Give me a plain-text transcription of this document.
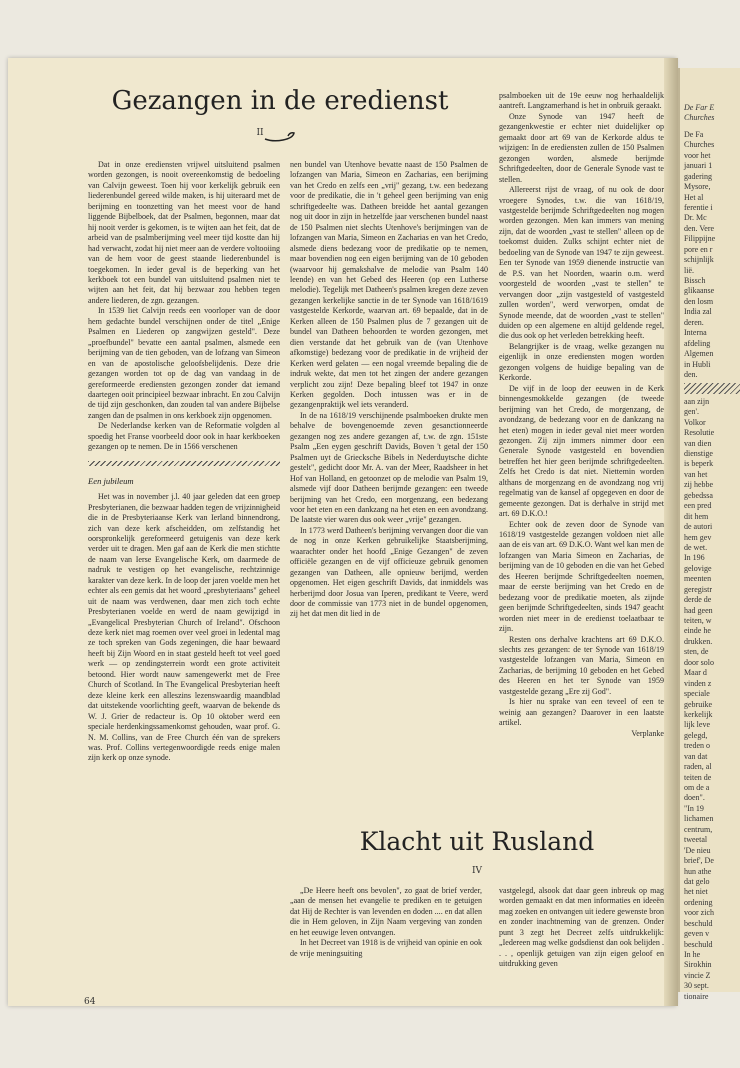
Gezangen in de eredienst
II

Dat in onze erediensten vrijwel uitsluitend psalmen worden gezongen, is nooit overeenkomstig de bedoeling van Calvijn geweest. Toen hij voor kerkelijk gebruik een liederenbundel gereed wilde maken, is hij uiteraard met de berijming en toonzetting van het meest voor de hand liggende Bijbelboek, dat der Psalmen, begonnen, maar dat hij nooit verder is gekomen, is te wijten aan het feit, dat de arbeid van de psalmberijming veel meer tijd kostte dan hij had verwacht, zodat hij niet meer aan de verdere voltooiing van de hem voor de geest staande liederenbundel is toegekomen. In ieder geval is de beperking van het kerkboek tot een bundel van uitsluitend psalmen niet te wijten aan het feit, dat hij bezwaar zou hebben tegen andere liederen, de zgn. gezangen.

In 1539 liet Calvijn reeds een voorloper van de door hem gedachte bundel verschijnen onder de titel „Enige Psalmen en Liederen op zangwijzen gesteld". Deze „proefbundel" bevatte een aantal psalmen, alsmede een berijming van de tien geboden, van de lofzang van Simeon en van de apostolische geloofsbelijdenis. Deze drie gezangen worden tot op de dag van vandaag in de gereformeerde erediensten gezongen zonder dat iemand daartegen ooit principieel bezwaar inbracht. En zou Calvijn de tijd zijn geschonken, dan zouden tal van andere Bijbelse zangen dan de psalmen in ons kerkboek zijn opgenomen.

De Nederlandse kerken van de Reformatie volgden al spoedig het Franse voorbeeld door ook in haar kerkboeken gezangen op te nemen. De in 1566 verschenen

Een jubileum

Het was in november j.l. 40 jaar geleden dat een groep Presbyterianen, die bezwaar hadden tegen de vrijzinnigheid die in de Presbyteriaanse Kerk van Ierland binnendrong, zich van deze kerk afscheidden, om zelfstandig het oorspronkelijk gereformeerd getuigenis van deze kerk verder uit te dragen. Men gaf aan de Kerk die men stichtte de naam van Ierse Evangelische Kerk, om daarmede de nadruk te vestigen op het evangelische, rechtzinnige karakter van deze kerk. In de loop der jaren voelde men het echter als een gemis dat het woord „presbyteriaans" geheel uit de naam was verdwenen, daar men zich toch echte Presbyterianen voelde en werd de naam gewijzigd in „Evangelical Presbyterian Church of Ireland". Ofschoon deze kerk niet mag roemen over veel groei in ledental mag ze toch spreken van Gods zegeningen, die haar bewaard heeft bij Zijn Woord en in staat gesteld heeft tot veel goed werk — op zendingsterrein wordt een grote activiteit betoond. Hier wordt nauw samengewerkt met de Free Church of Scotland. In The Evangelical Presbyterian heeft deze kleine kerk een alleszins lezenswaardig maandblad dat uitstekende voorlichting geeft, waarvan de bekende ds W. J. Grier de redacteur is. Op 10 oktober werd een speciale herdenkingssamenkomst gehouden, waar prof. G. N. M. Collins, van de Free Church één van de sprekers was. Prof. Collins vertegenwoordigde reeds enige malen zijn kerk op onze synode.

nen bundel van Utenhove bevatte naast de 150 Psalmen de lofzangen van Maria, Simeon en Zacharias, een berijming van het Credo en zelfs een „vrij" gezang, t.w. een bedezang voor de predikatie, die in 't geheel geen berijming van enig schriftgedeelte was. Datheen breidde het aantal gezangen nog uit door in zijn in hetzelfde jaar verschenen bundel naast de 150 Psalmen niet slechts Utenhove's berijmingen van de lofzangen van Maria, Simeon en Zacharias en van het Credo, alsmede diens bedezang voor de predikatie op te nemen, maar bovendien nog een eigen berijming van de 10 geboden (waarvoor hij gemakshalve de melodie van Psalm 140 leende) en van het Gebed des Heeren (op een Lutherse melodie). Tegelijk met Datheen's psalmen kregen deze zeven gezangen kerkelijke sanctie in de ter Synode van 1618/1619 vastgestelde Kerkorde, waarvan art. 69 bepaalde, dat in de Kerken alleen de 150 Psalmen plus de 7 gezangen uit de bundel van Datheen behoorden te worden gezongen, met dien verstande dat het gebruik van de (van Utenhove afkomstige) bedezang voor de predikatie in de vrijheid der Kerken werd gelaten — een nogal vreemde bepaling die de indruk wekte, dat men tot het zingen der andere gezangen verplicht zou zijn! Deze bepaling bleef tot 1947 in onze Kerken gegolden. Doch intussen was er in de gezangenpraktijk wel iets veranderd.

In de na 1618/19 verschijnende psalmboeken drukte men behalve de bovengenoemde zeven gesanctionneerde gezangen nog zes andere gezangen af, t.w. de zgn. 151ste Psalm „Een eygen geschrift Davids, Boven 't getal der 150 Psalmen uyt de Griecksche Bibels in Nederduytsche dichte gestelt", gedicht door Mr. A. van der Meer, Raadsheer in het Hof van Holland, en getoonzet op de melodie van Psalm 19, alsmede vijf door Datheen berijmde gezangen: een tweede berijming van het Credo, een morgenzang, een bedezang voor het eten en een dankzang na het eten en een avondzang. De laatste vier waren dus ook weer „vrije" gezangen.

In 1773 werd Datheen's berijming vervangen door die van de nog in onze Kerken gebruikelijke Staatsberijming, waarachter onder het hoofd „Enige Gezangen" de zeven officiële gezangen en de vijf officieuze gebruik genomen gezangen van Datheen, alle opnieuw berijmd, werden opgenomen. Het eigen geschrift Davids, dat inmiddels was herberijmd door Josua van Iperen, predikant te Veere, werd door de commissie van 1773 niet in de bundel opgenomen, zij het dat men dit lied in de

psalmboeken uit de 19e eeuw nog herhaaldelijk aantreft. Langzamerhand is het in onbruik geraakt.

Onze Synode van 1947 heeft de gezangenkwestie er echter niet duidelijker op gemaakt door art 69 van de Kerkorde aldus te wijzigen: In de erediensten zullen de 150 Psalmen gezongen worden, alsmede berijmde Schriftgedeelten, door de Generale Synode vast te stellen.

Allereerst rijst de vraag, of nu ook de door vroegere Synodes, t.w. die van 1618/19, vastgestelde berijmde Schriftgedeelten nog mogen worden gezongen. Men kan immers van mening zijn, dat de woorden „vast te stellen" alleen op de toekomst duiden. Zulks schijnt echter niet de bedoeling van de Synode van 1947 te zijn geweest. Een ter Synode van 1959 dienende instructie van de P.S. van het Noorden, waarin o.m. werd voorgesteld de woorden „vast te stellen" te vervangen door „zijn vastgesteld of vastgesteld zullen worden", werd verworpen, omdat de Synode meende, dat de woorden „vast te stellen" duiden op een algemene en altijd geldende regel, die dus ook op het verleden betrekking heeft.

Belangrijker is de vraag, welke gezangen nu eigenlijk in onze erediensten mogen worden gezongen volgens de huidige bepaling van de Kerkorde.

De vijf in de loop der eeuwen in de Kerk binnengesmokkelde gezangen (de tweede berijming van het Credo, de morgenzang, de avondzang, de bedezang voor en de dankzang na het eten) mogen in ieder geval niet meer worden gezongen. Zij zijn immers nimmer door een Generale Synode vastgesteld en bovendien betreffen het hier geen berijmde schriftgedeelten. Zelfs het Credo is dat niet. Niettemin worden althans de morgenzang en de avondzang nog vrij regelmatig van de kansel af opgegeven en door de gemeente gezongen. Dat is derhalve in strijd met art. 69 D.K.O.!

Echter ook de zeven door de Synode van 1618/19 vastgestelde gezangen voldoen niet alle aan de eis van art. 69 D.K.O. Want wel kan men de lofzangen van Maria Simeon en Zacharias, de berijming van de 10 geboden en die van het Gebed des Heeren berijmde Schriftgedeelten noemen, maar de eerste berijming van het Credo en de bedezang voor de predikatie moeten, als zijnde geen berijmde Schriftgedeelten, sinds 1947 geacht worden niet meer in de eredienst toelaatbaar te zijn.

Resten ons derhalve krachtens art 69 D.K.O. slechts zes gezangen: de ter Synode van 1618/19 vastgestelde lofzangen van Maria, Simeon en Zacharias, de berijming 10 geboden en het Gebed des Heeren en het ter Synode van 1959 vastgestelde gezang „Ere zij God".

Is hier nu sprake van een teveel of een te weinig aan gezangen? Daarover in een laatste artikel.

Verplanke

Klacht uit Rusland
IV

„De Heere heeft ons bevolen", zo gaat de brief verder, „aan de mensen het evangelie te prediken en te getuigen dat Hij de Rechter is van levenden en doden .... en dat allen die in Hem geloven, in Zijn Naam vergeving van zonden en het eeuwige leven ontvangen.

In het Decreet van 1918 is de vrijheid van opinie en ook de vrije meningsuiting

vastgelegd, alsook dat daar geen inbreuk op mag worden gemaakt en dat men informaties en ideeën mag zoeken en ontvangen uit iedere gewenste bron en zonder inachtneming van de grenzen. Onder punt 3 zegt het Decreet zelfs uitdrukkelijk: „Iedereen mag welke godsdienst dan ook belijden . . . , openlijk getuigen van zijn eigen geloof en uitdrukking geven

64
De Far E
Churches
De Fa
Churches
voor het
januari 1
gadering
Mysore,
Het al
ferentie i
Dr. Mc
den. Vere
Filippijne
pore en r
schijnlijk
lië.
Bissch
glikaanse
den losm
India zal
deren.
Interna
afdeling
Algemen
in Hubli
den.
aan zijn
gen'.
Volkor
Resolutie
van dien
dienstige
is beperk
van het
zij hebbe
gebedssa
een pred
dit hem
de autori
hem gev
de wet.
In 196
gelovige
meenten
geregistr
derde de
had geen
teiten, w
einde he
drukken.
sten, de
door solo
Maar d
vinden z
speciale
gebruike
kerkelijk
lijk leve
gelegd,
treden o
van dat
raden, al
teiten de
om de a
doen".
"In 19
lichamen
centrum,
tweetal
'De nieu
brief', De
hun athe
dat gelo
het niet
ordening
voor zich
beschuld
geven v
beschuld
In he
Sirokhin
vincie Z
30 sept.
tionaire
